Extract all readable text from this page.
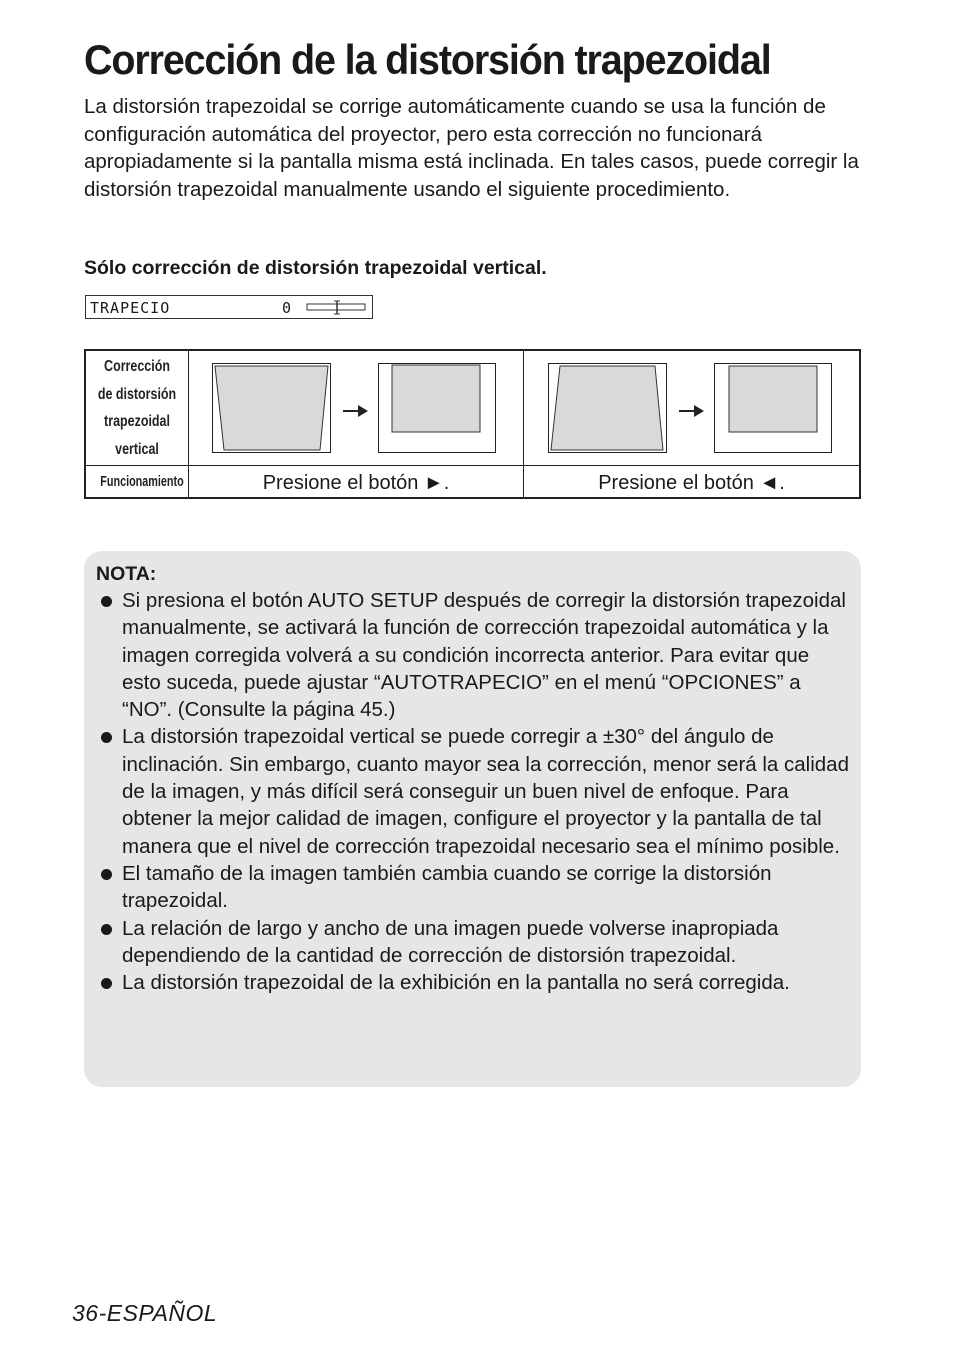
Corrección de la distorsión trapezoidal

La distorsión trapezoidal se corrige automáticamente cuando se usa la función de configuración automática del proyector, pero esta corrección no funcionará apropiadamente si la pantalla misma está inclinada. En tales casos, puede corregir la distorsión trapezoidal manualmente usando el siguiente procedimiento.

Sólo corrección de distorsión trapezoidal vertical.

TRAPECIO	0
Corrección
de distorsión
trapezoidal
vertical
Funcionamiento	Presione el botón ►.	Presione el botón ◄.

NOTA:

Si presiona el botón AUTO SETUP después de corregir la distorsión trapezoidal manualmente, se activará la función de corrección trapezoidal automática y la imagen corregida volverá a su condición incorrecta anterior. Para evitar que esto suceda, puede ajustar “AUTOTRAPECIO” en el menú “OPCIONES” a “NO”. (Consulte la página 45.)
La distorsión trapezoidal vertical se puede corregir a ±30° del ángulo de inclinación. Sin embargo, cuanto mayor sea la corrección, menor será la calidad de la imagen, y más difícil será conseguir un buen nivel de enfoque. Para obtener la mejor calidad de imagen, configure el proyector y la pantalla de tal manera que el nivel de corrección trapezoidal necesario sea el mínimo posible.
El tamaño de la imagen también cambia cuando se corrige la distorsión trapezoidal.
La relación de largo y ancho de una imagen puede volverse inapropiada dependiendo de la cantidad de corrección de distorsión trapezoidal.
La distorsión trapezoidal de la exhibición en la pantalla no será corregida.
36-ESPAÑOL
